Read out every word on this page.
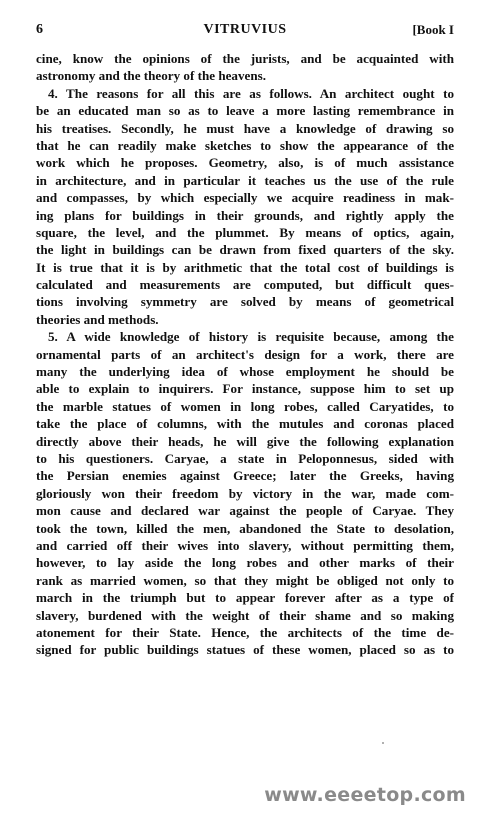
6	VITRUVIUS	[Book I
cine, know the opinions of the jurists, and be acquainted with
astronomy and the theory of the heavens.
4. The reasons for all this are as follows. An architect ought to
be an educated man so as to leave a more lasting remembrance in
his treatises. Secondly, he must have a knowledge of drawing so
that he can readily make sketches to show the appearance of the
work which he proposes. Geometry, also, is of much assistance
in architecture, and in particular it teaches us the use of the rule
and compasses, by which especially we acquire readiness in mak-
ing plans for buildings in their grounds, and rightly apply the
square, the level, and the plummet. By means of optics, again,
the light in buildings can be drawn from fixed quarters of the sky.
It is true that it is by arithmetic that the total cost of buildings is
calculated and measurements are computed, but difficult ques-
tions involving symmetry are solved by means of geometrical
theories and methods.
5. A wide knowledge of history is requisite because, among the
ornamental parts of an architect's design for a work, there are
many the underlying idea of whose employment he should be
able to explain to inquirers. For instance, suppose him to set up
the marble statues of women in long robes, called Caryatides, to
take the place of columns, with the mutules and coronas placed
directly above their heads, he will give the following explanation
to his questioners. Caryae, a state in Peloponnesus, sided with
the Persian enemies against Greece; later the Greeks, having
gloriously won their freedom by victory in the war, made com-
mon cause and declared war against the people of Caryae. They
took the town, killed the men, abandoned the State to desolation,
and carried off their wives into slavery, without permitting them,
however, to lay aside the long robes and other marks of their
rank as married women, so that they might be obliged not only to
march in the triumph but to appear forever after as a type of
slavery, burdened with the weight of their shame and so making
atonement for their State. Hence, the architects of the time de-
signed for public buildings statues of these women, placed so as to
www.eeeetop.com
